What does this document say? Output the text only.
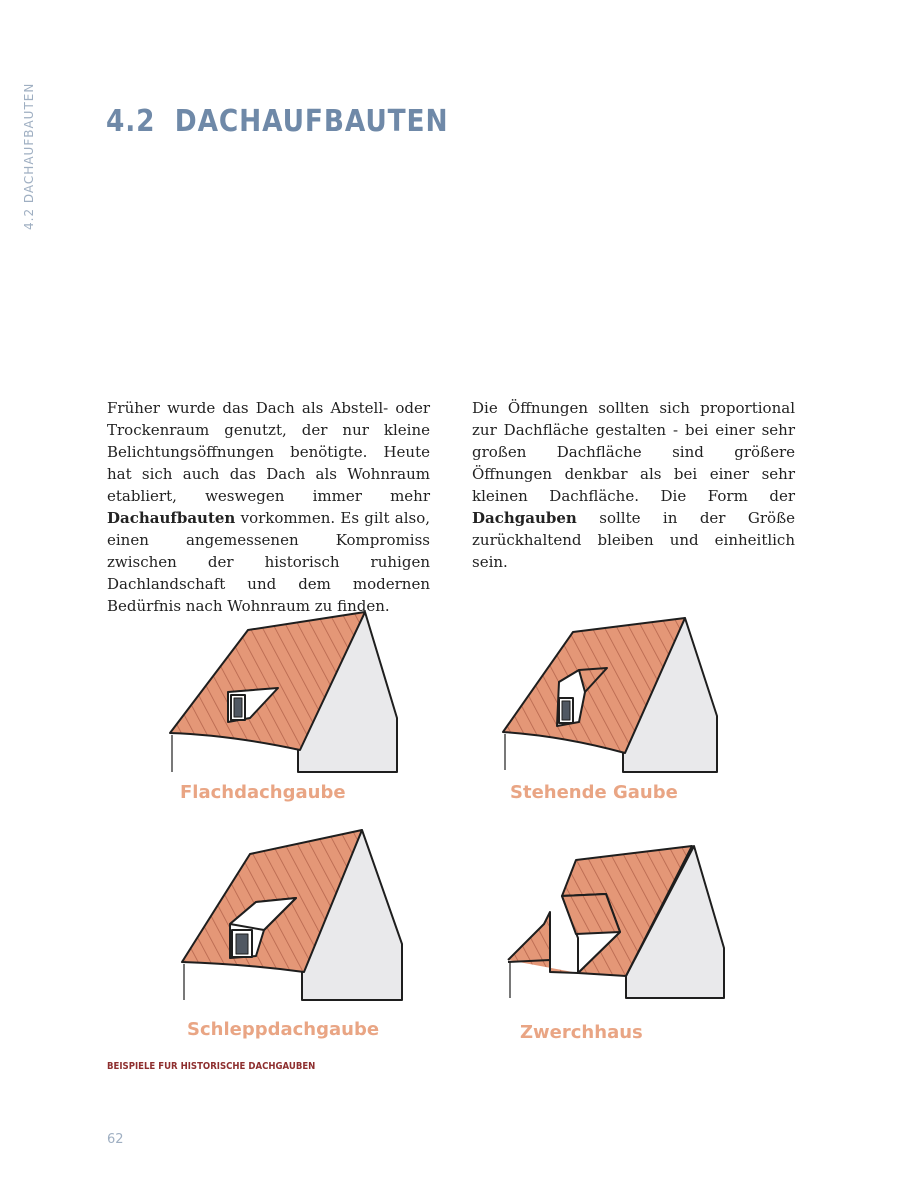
4.2 DACHAUFBAUTEN 4.2 DACHAUFBAUTEN
Früher wurde das Dach als Abstell- oder Trockenraum genutzt, der nur kleine Belichtungsöffnungen benötigte. Heute hat sich auch das Dach als Wohnraum etabliert, weswegen immer mehr Dachaufbauten vorkommen. Es gilt also, einen angemessenen Kompromiss zwischen der historisch ruhigen Dachlandschaft und dem modernen Bedürfnis nach Wohnraum zu finden.
Die Öffnungen sollten sich proportional zur Dachfläche gestalten - bei einer sehr großen Dachfläche sind größere Öffnungen denkbar als bei einer sehr kleinen Dachfläche. Die Form der Dachgauben sollte in der Größe zurückhaltend bleiben und einheitlich sein.
Flachdachgaube	Stehende Gaube
Schleppdachgaube	Zwerchhaus
BEISPIELE FÜR HISTORISCHE DACHGAUBEN
62
